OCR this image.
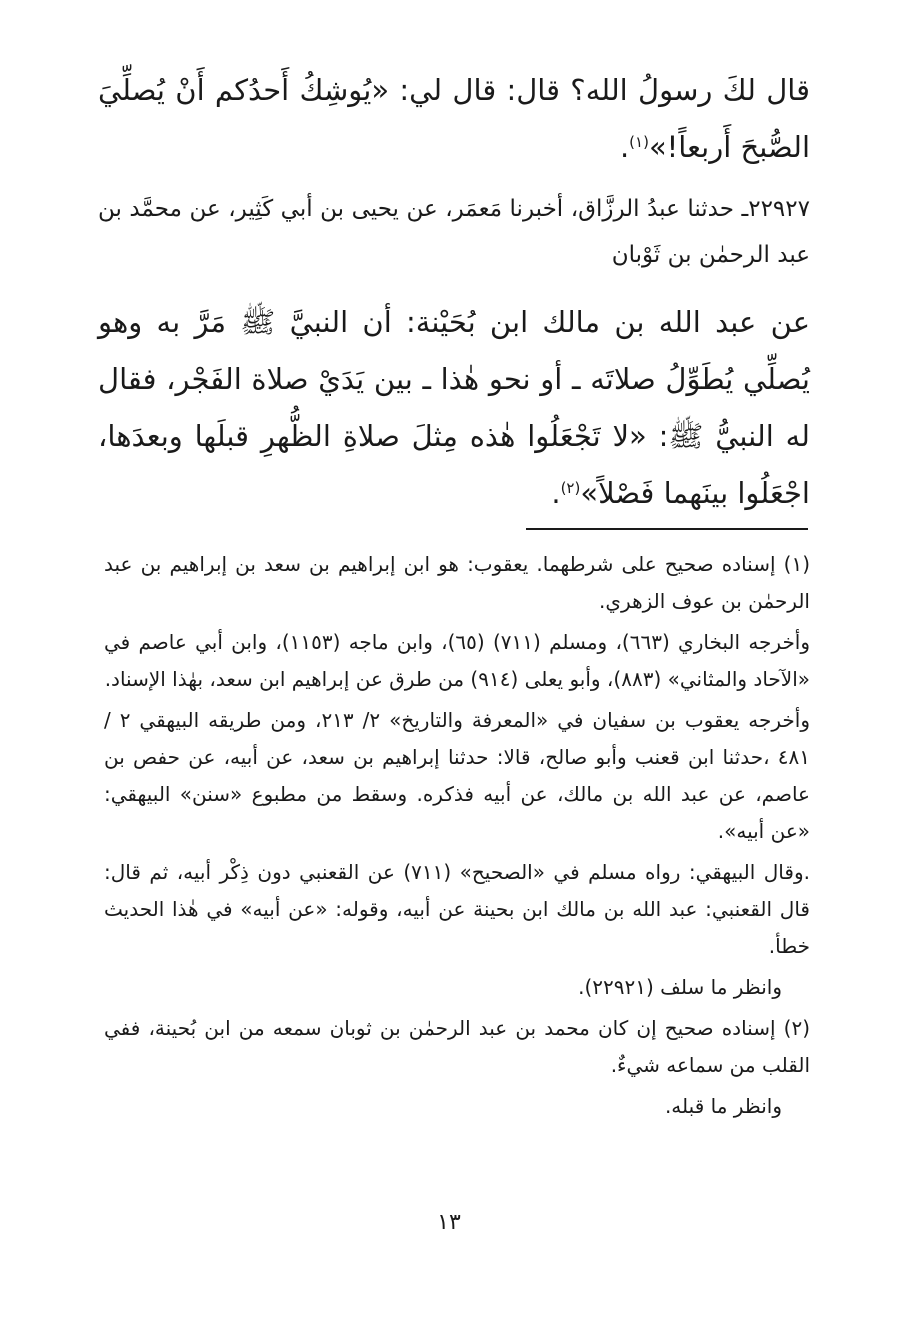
قال لكَ رسولُ الله؟ قال: قال لي: «يُوشِكُ أَحدُكم أَنْ يُصلِّيَ الصُّبحَ أَربعاً!»$^{(١)}$.

٢٢٩٢٧ـ حدثنا عبدُ الرزَّاق، أخبرنا مَعمَر، عن يحيى بن أبي كَثِير، عن محمَّد بن عبد الرحمٰن بن ثَوْبان

عن عبد الله بن مالك ابن بُحَيْنة: أن النبيَّ ﷺ مَرَّ به وهو يُصلِّي يُطَوِّلُ صلاتَه ـ أو نحو هٰذا ـ بين يَدَيْ صلاة الفَجْر، فقال له النبيُّ ﷺ: «لا تَجْعَلُوا هٰذه مِثلَ صلاةِ الظُّهرِ قبلَها وبعدَها، اجْعَلُوا بينَهما فَصْلاً»$^{(٢)}$.

(١) إسناده صحيح على شرطهما. يعقوب: هو ابن إبراهيم بن سعد بن إبراهيم بن عبد الرحمٰن بن عوف الزهري.

وأخرجه البخاري (٦٦٣)، ومسلم (٧١١) (٦٥)، وابن ماجه (١١٥٣)، وابن أبي عاصم في «الآحاد والمثاني» (٨٨٣)، وأبو يعلى (٩١٤) من طرق عن إبراهيم ابن سعد، بهٰذا الإسناد.

وأخرجه يعقوب بن سفيان في «المعرفة والتاريخ» ٢/ ٢١٣، ومن طريقه البيهقي ٢ / ٤٨١ ،حدثنا ابن قعنب وأبو صالح، قالا: حدثنا إبراهيم بن سعد، عن أبيه، عن حفص بن عاصم، عن عبد الله بن مالك، عن أبيه فذكره. وسقط من مطبوع «سنن» البيهقي: «عن أبيه».

.وقال البيهقي: رواه مسلم في «الصحيح» (٧١١) عن القعنبي دون ذِكْر أبيه، ثم قال: قال القعنبي: عبد الله بن مالك ابن بحينة عن أبيه، وقوله: «عن أبيه» في هٰذا الحديث خطأ.

وانظر ما سلف (٢٢٩٢١).

(٢) إسناده صحيح إن كان محمد بن عبد الرحمٰن بن ثوبان سمعه من ابن بُحينة، ففي القلب من سماعه شيءٌ.

وانظر ما قبله.

١٣
